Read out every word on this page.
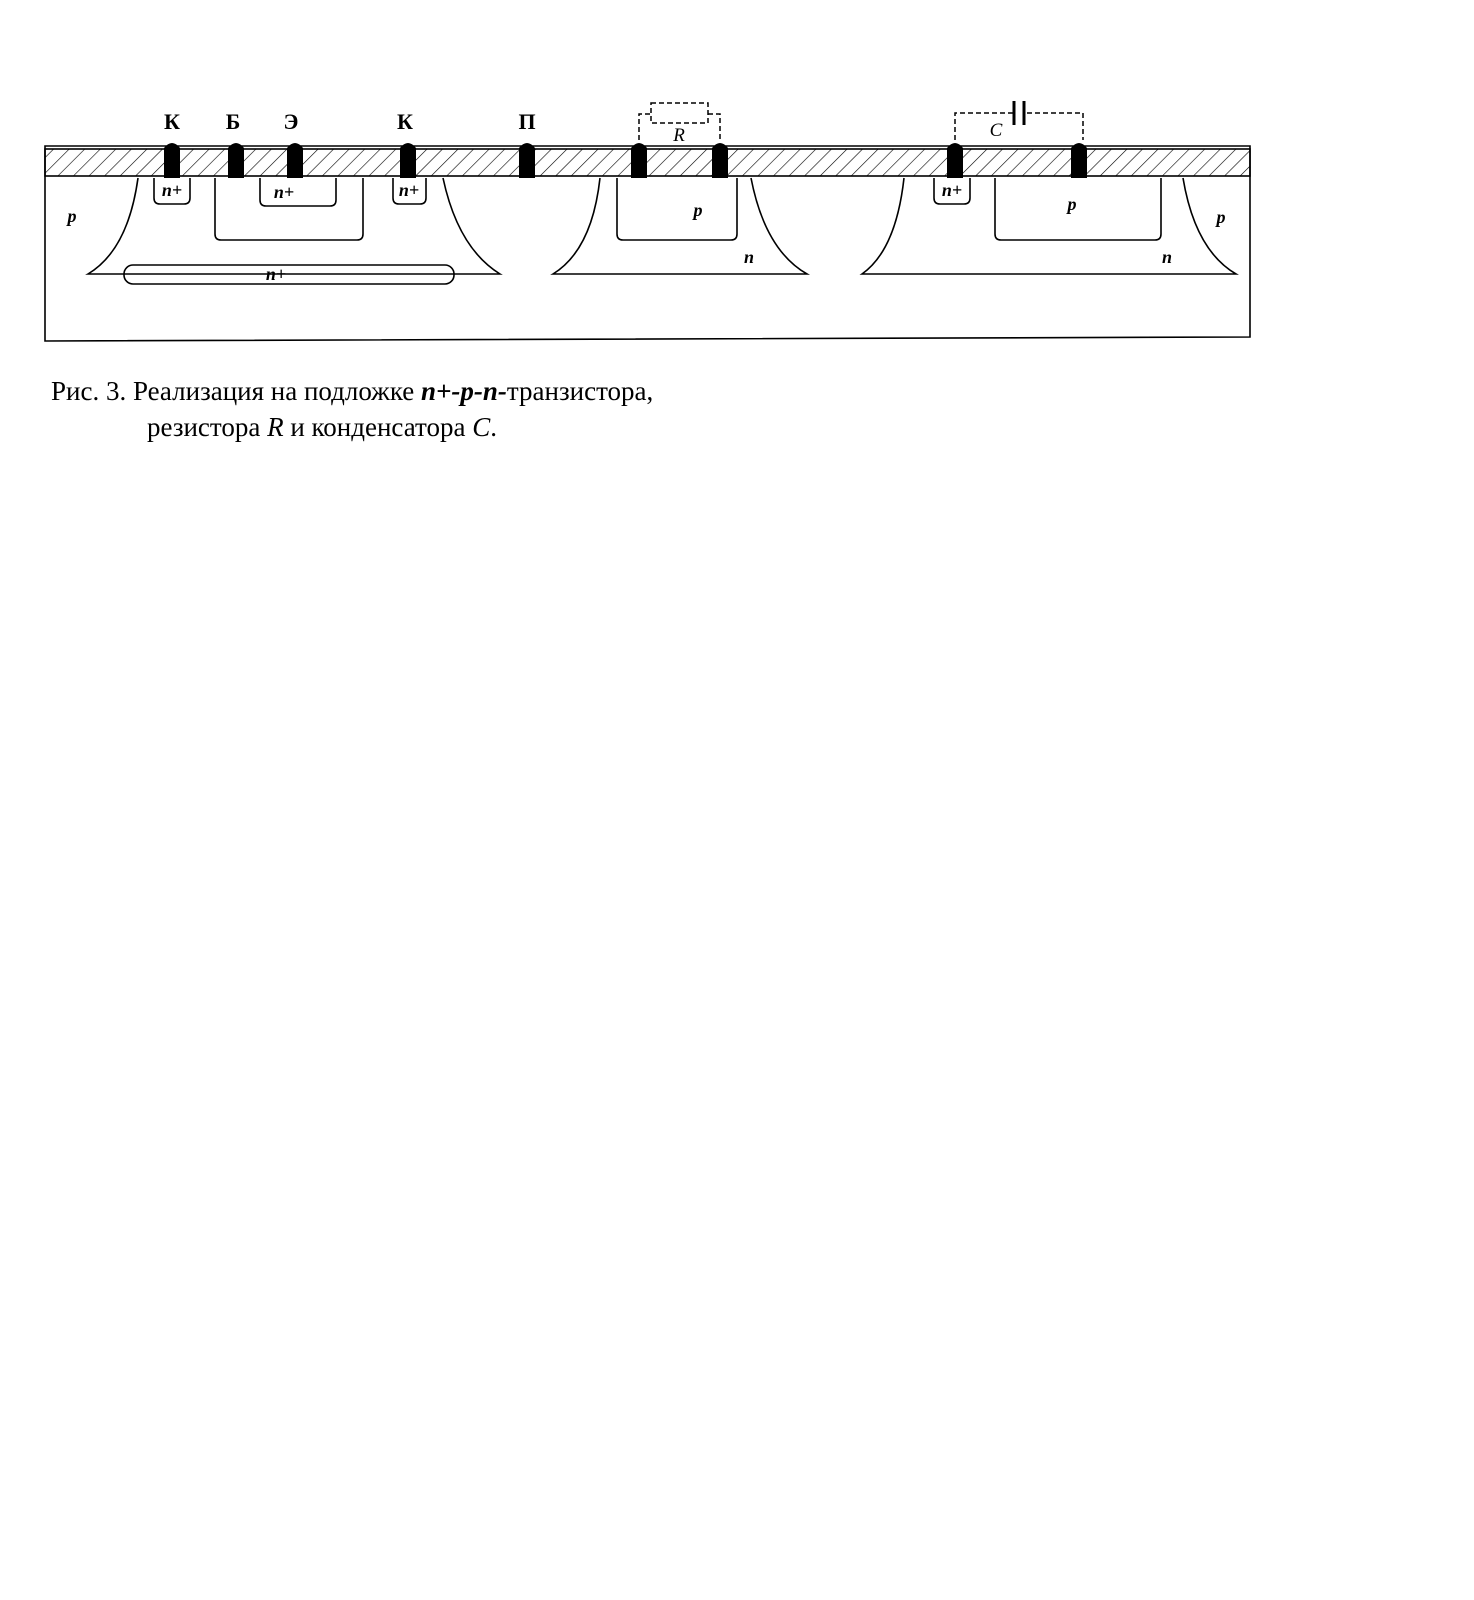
К Б Э	К	П
R	C
n+	n+	n+
n+
p	p
n
n+
p
p
n
Рис. 3. Реализация на подложке n+-p-n-транзистора,
резистора R и конденсатора C.
